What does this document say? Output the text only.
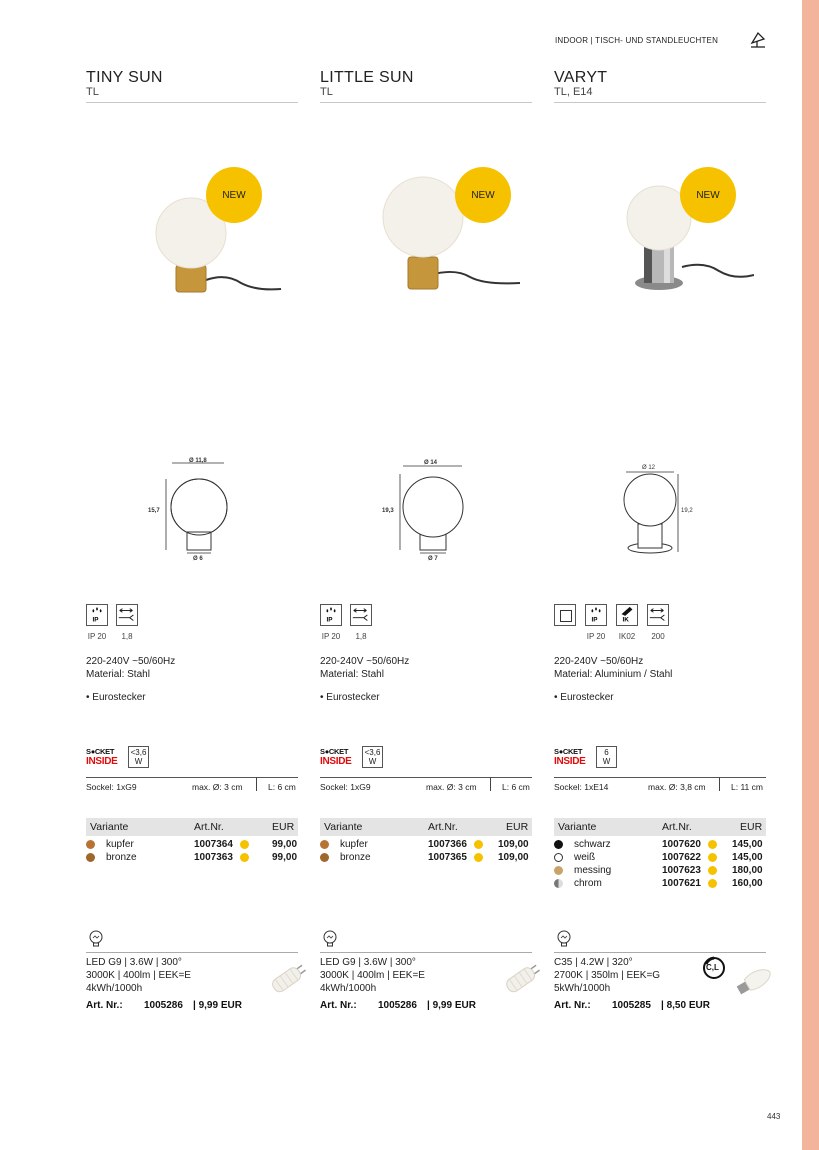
INDOOR | TISCH- UND STANDLEUCHTEN
TINY SUN
TL
NEW
Ø 11,8
15,7
Ø 6
IP
IP 20	1,8
220-240V ~50/60Hz
Material: Stahl
• Eurostecker
S●CKET
INSIDE
<3,6
W
Sockel: 1xG9	max. Ø: 3 cm	L: 6 cm
Variante	Art.Nr.	EUR
kupfer	1007364	99,00
bronze	1007363	99,00
LED G9 | 3.6W | 300°
3000K | 400lm | EEK=E
4kWh/1000h
Art. Nr.: 1005286 | 9,99 EUR
LITTLE SUN
TL
NEW
Ø 14
19,3
Ø 7
IP
IP 20	1,8
220-240V ~50/60Hz
Material: Stahl
• Eurostecker
S●CKET
INSIDE
<3,6
W
Sockel: 1xG9	max. Ø: 3 cm	L: 6 cm
Variante	Art.Nr.	EUR
kupfer	1007366	109,00
bronze	1007365	109,00
LED G9 | 3.6W | 300°
3000K | 400lm | EEK=E
4kWh/1000h
Art. Nr.: 1005286 | 9,99 EUR
VARYT
TL, E14
NEW
Ø 12
19,2
IP
IP 20
IK
IK02	200
220-240V ~50/60Hz
Material: Aluminium / Stahl
• Eurostecker
S●CKET
INSIDE
6
W
Sockel: 1xE14	max. Ø: 3,8 cm	L: 11 cm
Variante	Art.Nr.	EUR
schwarz	1007620	145,00
weiß	1007622	145,00
messing	1007623	180,00
chrom	1007621	160,00
C35 | 4.2W | 320°
2700K | 350lm | EEK=G
5kWh/1000h
C,L
Art. Nr.: 1005285 | 8,50 EUR
443
